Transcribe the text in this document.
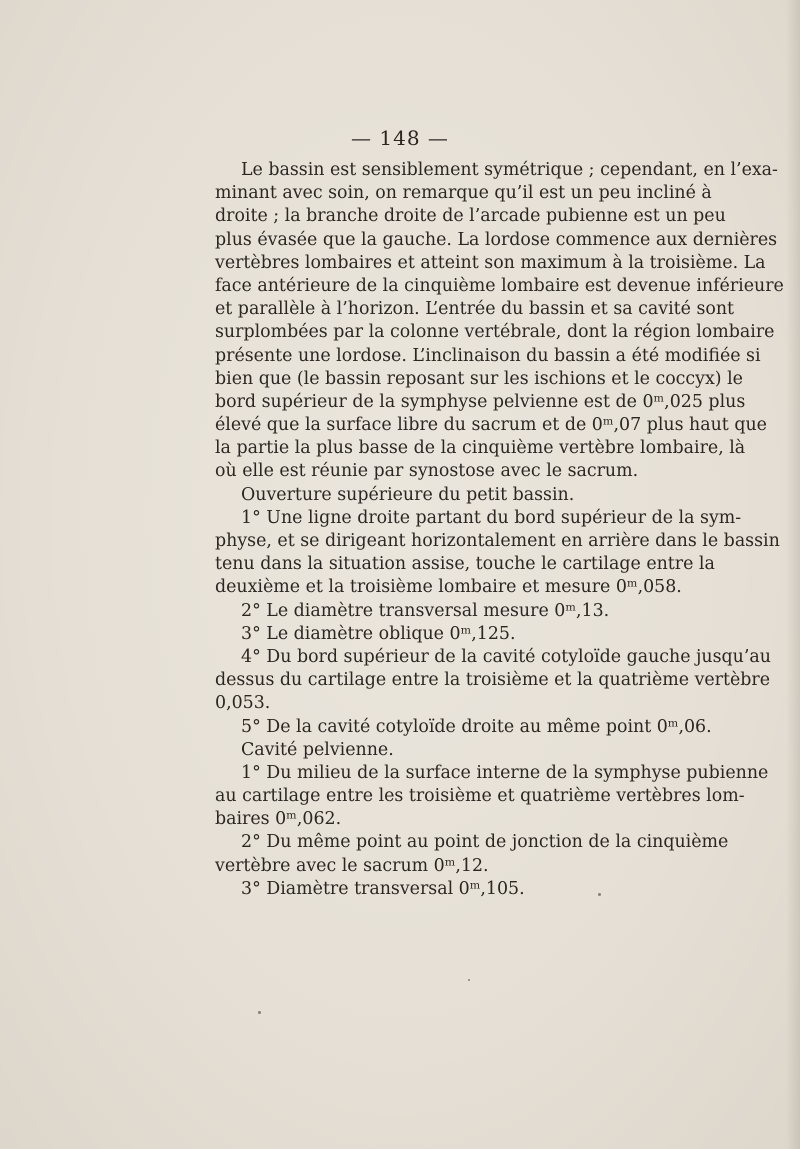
— 148 —
Le bassin est sensiblement symétrique ; cependant, en l’exa-
minant avec soin, on remarque qu’il est un peu incliné à
droite ; la branche droite de l’arcade pubienne est un peu
plus évasée que la gauche. La lordose commence aux dernières
vertèbres lombaires et atteint son maximum à la troisième. La
face antérieure de la cinquième lombaire est devenue inférieure
et parallèle à l’horizon. L’entrée du bassin et sa cavité sont
surplombées par la colonne vertébrale, dont la région lombaire
présente une lordose. L’inclinaison du bassin a été modifiée si
bien que (le bassin reposant sur les ischions et le coccyx) le
bord supérieur de la symphyse pelvienne est de 0ᵐ,025 plus
élevé que la surface libre du sacrum et de 0ᵐ,07 plus haut que
la partie la plus basse de la cinquième vertèbre lombaire, là
où elle est réunie par synostose avec le sacrum.
Ouverture supérieure du petit bassin.
1° Une ligne droite partant du bord supérieur de la sym-
physe, et se dirigeant horizontalement en arrière dans le bassin
tenu dans la situation assise, touche le cartilage entre la
deuxième et la troisième lombaire et mesure 0ᵐ,058.
2° Le diamètre transversal mesure 0ᵐ,13.
3° Le diamètre oblique 0ᵐ,125.
4° Du bord supérieur de la cavité cotyloïde gauche jusqu’au
dessus du cartilage entre la troisième et la quatrième vertèbre
0,053.
5° De la cavité cotyloïde droite au même point 0ᵐ,06.
Cavité pelvienne.
1° Du milieu de la surface interne de la symphyse pubienne
au cartilage entre les troisième et quatrième vertèbres lom-
baires 0ᵐ,062.
2° Du même point au point de jonction de la cinquième
vertèbre avec le sacrum 0ᵐ,12.
3° Diamètre transversal 0ᵐ,105.
